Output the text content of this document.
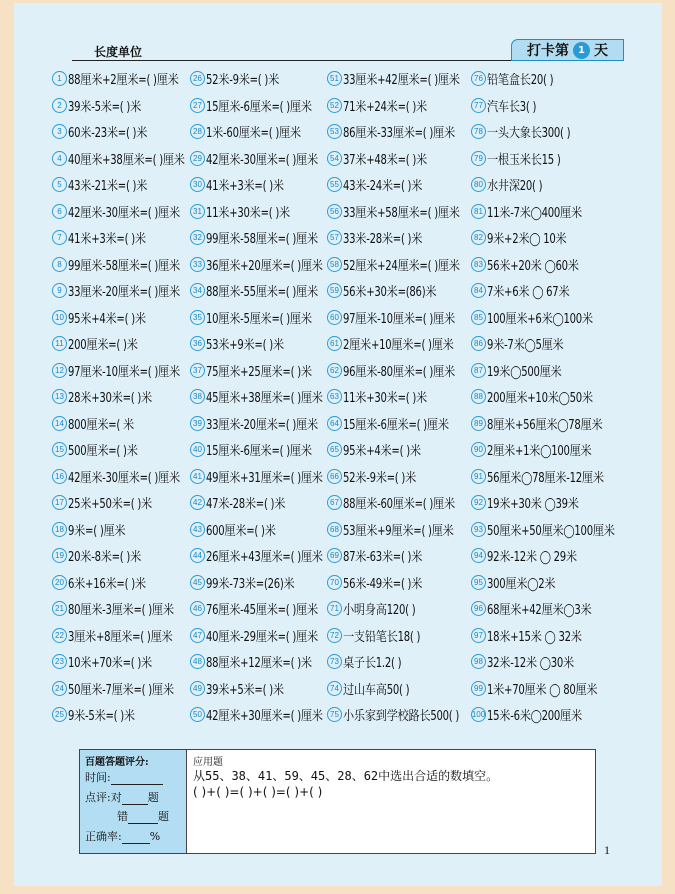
长度单位	打卡第 1 天
1 88厘米+2厘米=( )厘米
2 39米-5米=( )米
3 60米-23米=( )米
4 40厘米+38厘米=( )厘米
5 43米-21米=( )米
6 42厘米-30厘米=( )厘米
7 41米+3米=( )米
8 99厘米-58厘米=( )厘米
9 33厘米-20厘米=( )厘米
10 95米+4米=( )米
11 200厘米=( )米
12 97厘米-10厘米=( )厘米
13 28米+30米=( )米
14 800厘米=( 米
15 500厘米=( )米
16 42厘米-30厘米=( )厘米
17 25米+50米=( )米
18 9米=( )厘米
19 20米-8米=( )米
20 6米+16米=( )米
21 80厘米-3厘米=( )厘米
22 3厘米+8厘米=( )厘米
23 10米+70米=( )米
24 50厘米-7厘米=( )厘米
25 9米-5米=( )米
26 52米-9米=( )米
27 15厘米-6厘米=( )厘米
28 1米-60厘米=( )厘米
29 42厘米-30厘米=( )厘米
30 41米+3米=( )米
31 11米+30米=( )米
32 99厘米-58厘米=( )厘米
33 36厘米+20厘米=( )厘米
34 88厘米-55厘米=( )厘米
35 10厘米-5厘米=( )厘米
36 53米+9米=( )米
37 75厘米+25厘米=( )米
38 45厘米+38厘米=( )厘米
39 33厘米-20厘米=( )厘米
40 15厘米-6厘米=( )厘米
41 49厘米+31厘米=( )厘米
42 47米-28米=( )米
43 600厘米=( )米
44 26厘米+43厘米=( )厘米
45 99米-73米=(26)米
46 76厘米-45厘米=( )厘米
47 40厘米-29厘米=( )厘米
48 88厘米+12厘米=( )米
49 39米+5米=( )米
50 42厘米+30厘米=( )厘米
51 33厘米+42厘米=( )厘米
52 71米+24米=( )米
53 86厘米-33厘米=( )厘米
54 37米+48米=( )米
55 43米-24米=( )米
56 33厘米+58厘米=( )厘米
57 33米-28米=( )米
58 52厘米+24厘米=( )厘米
59 56米+30米=(86)米
60 97厘米-10厘米=( )厘米
61 2厘米+10厘米=( )厘米
62 96厘米-80厘米=( )厘米
63 11米+30米=( )米
64 15厘米-6厘米=( )厘米
65 95米+4米=( )米
66 52米-9米=( )米
67 88厘米-60厘米=( )厘米
68 53厘米+9厘米=( )厘米
69 87米-63米=( )米
70 56米-49米=( )米
71 小明身高120( )
72 一支铅笔长18( )
73 桌子长1.2( )
74 过山车高50( )
75 小乐家到学校路长500( )
76 铅笔盒长20( )
77 汽车长3( )
78 一头大象长300( )
79 一根玉米长15 )
80 水井深20( )
81 11米-7米◯400厘米
82 9米+2米◯ 10米
83 56米+20米 ◯60米
84 7米+6米 ◯ 67米
85 100厘米+6米◯100米
86 9米-7米◯5厘米
87 19米◯500厘米
88 200厘米+10米◯50米
89 8厘米+56厘米◯78厘米
90 2厘米+1米◯100厘米
91 56厘米◯78厘米-12厘米
92 19米+30米 ◯39米
93 50厘米+50厘米◯100厘米
94 92米-12米 ◯ 29米
95 300厘米◯2米
96 68厘米+42厘米◯3米
97 18米+15米 ◯ 32米
98 32米-12米 ◯30米
99 1米+70厘米 ◯ 80厘米
100 15米-6米◯200厘米
百题答题评分:
时间:
点评:对 题
错	题
正确率:	%
应用题
从55、38、41、59、45、28、62中选出合适的数填空。
( )+( )=( )+( )=( )+( )
1
